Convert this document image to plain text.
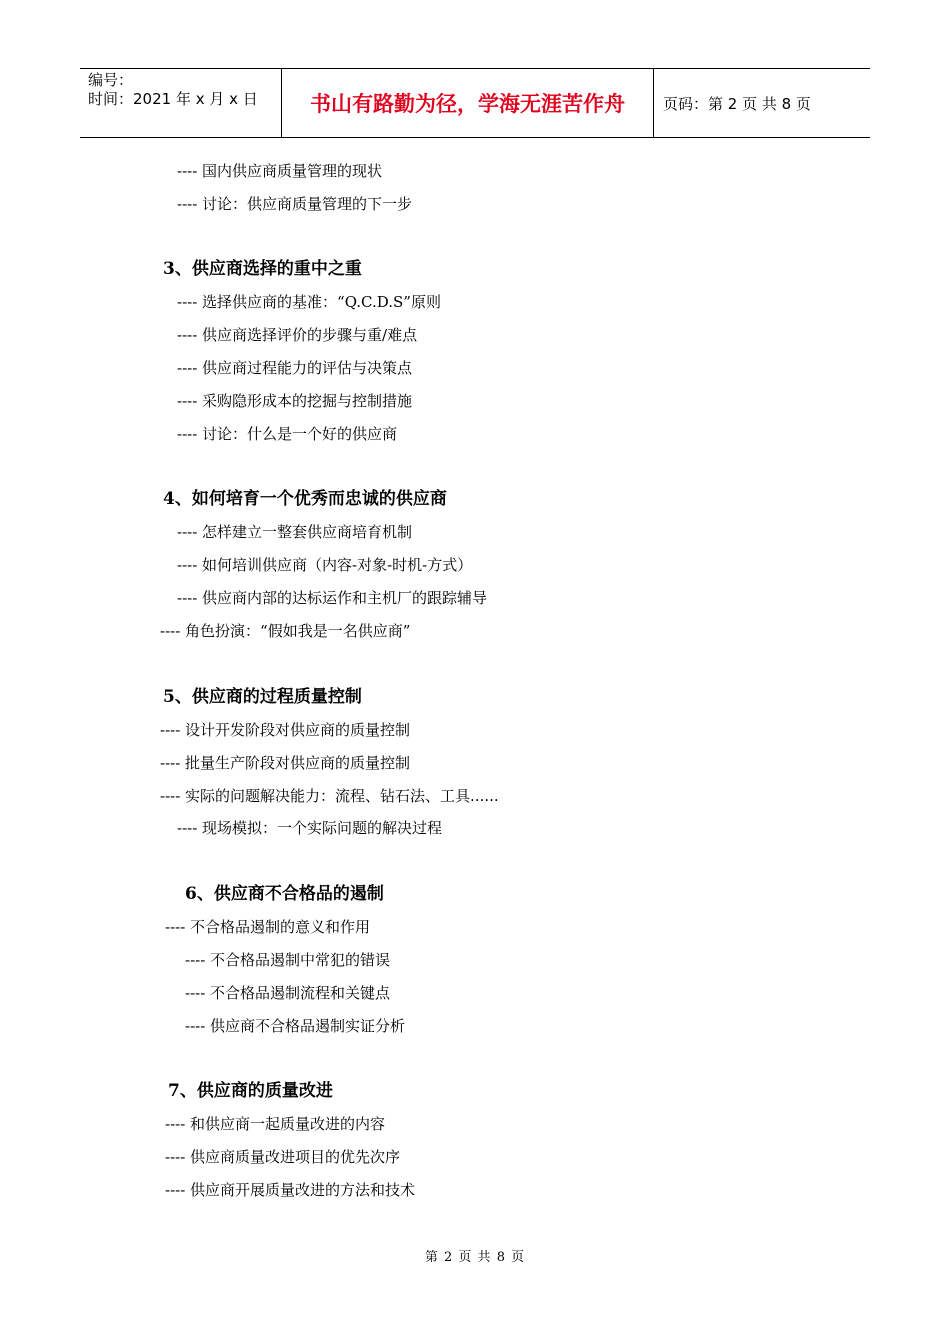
编号：
时间：2021 年 x 月 x 日	书山有路勤为径，学海无涯苦作舟	页码：第 2 页 共 8 页
---- 国内供应商质量管理的现状
---- 讨论：供应商质量管理的下一步
3、供应商选择的重中之重
---- 选择供应商的基准：“Q.C.D.S”原则
---- 供应商选择评价的步骤与重/难点
---- 供应商过程能力的评估与决策点
---- 采购隐形成本的挖掘与控制措施
---- 讨论：什么是一个好的供应商
4、如何培育一个优秀而忠诚的供应商
---- 怎样建立一整套供应商培育机制
---- 如何培训供应商（内容-对象-时机-方式）
---- 供应商内部的达标运作和主机厂的跟踪辅导
---- 角色扮演：“假如我是一名供应商”
5、供应商的过程质量控制
---- 设计开发阶段对供应商的质量控制
---- 批量生产阶段对供应商的质量控制
---- 实际的问题解决能力：流程、钻石法、工具......
---- 现场模拟：一个实际问题的解决过程
6、供应商不合格品的遏制
---- 不合格品遏制的意义和作用
---- 不合格品遏制中常犯的错误
---- 不合格品遏制流程和关键点
---- 供应商不合格品遏制实证分析
7、供应商的质量改进
---- 和供应商一起质量改进的内容
---- 供应商质量改进项目的优先次序
---- 供应商开展质量改进的方法和技术
第 2 页 共 8 页
